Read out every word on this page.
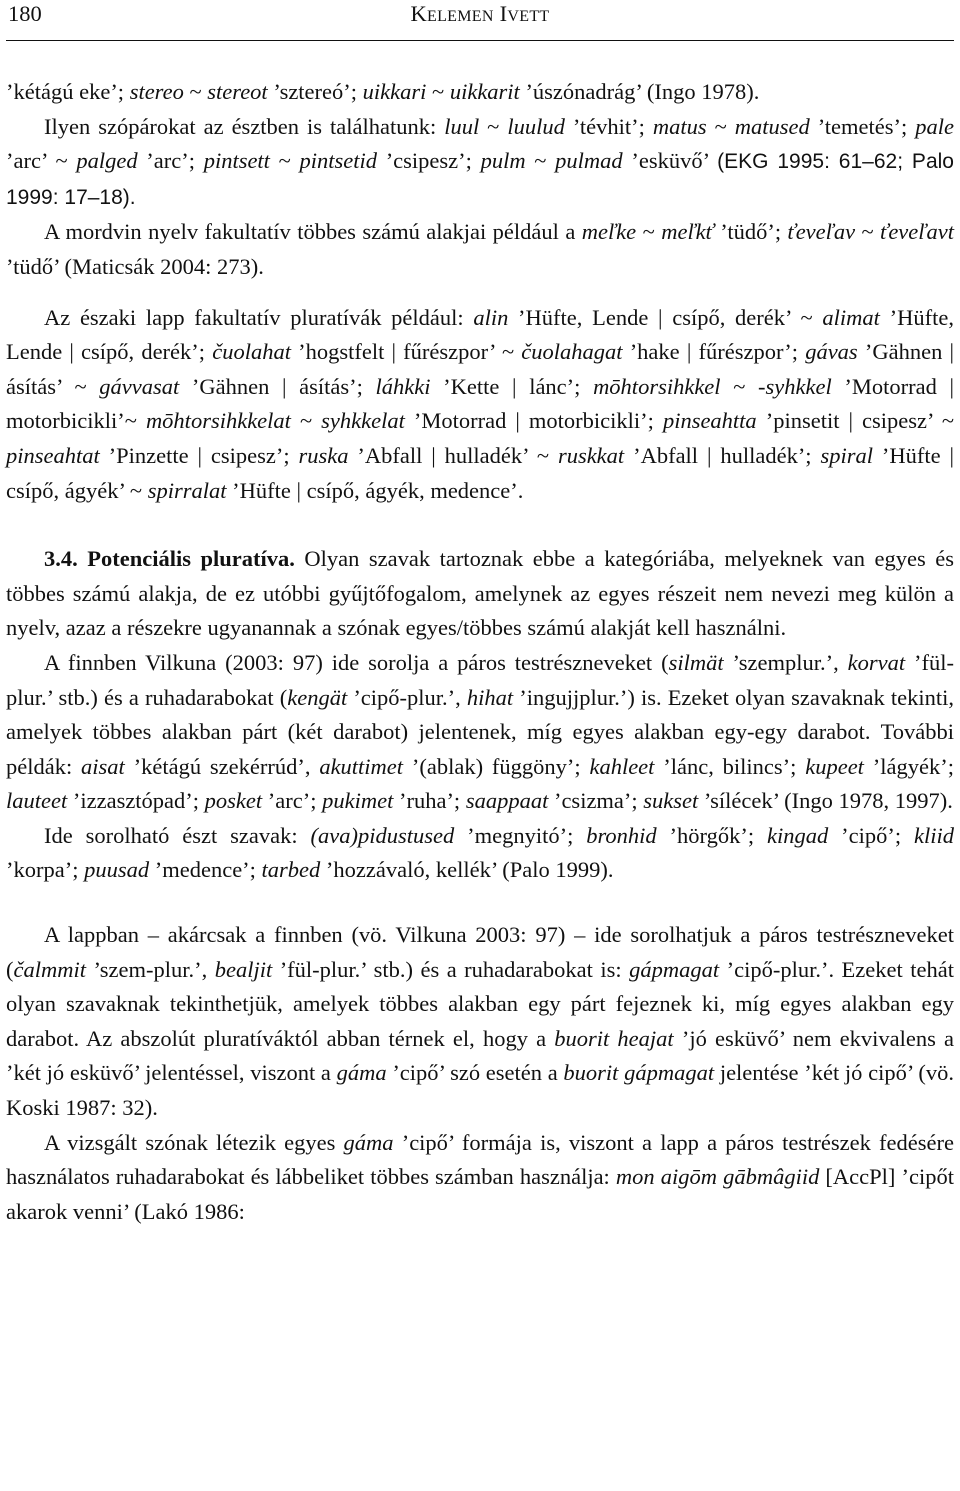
180	Kelemen Ivett

’kétágú eke’; stereo ~ stereot ’sztereó’; uikkari ~ uikkarit ’úszónadrág’ (Ingo 1978).

Ilyen szópárokat az észtben is találhatunk: luul ~ luulud ’tévhit’; matus ~ matused ’temetés’; pale ’arc’ ~ palged ’arc’; pintsett ~ pintsetid ’csipesz’; pulm ~ pulmad ’esküvő’ (EKG 1995: 61–62; Palo 1999: 17–18).

A mordvin nyelv fakultatív többes számú alakjai például a meľke ~ meľkť ’tüdő’; ťeveľav ~ ťeveľavt ’tüdő’ (Maticsák 2004: 273).

Az északi lapp fakultatív pluratívák például: alin ’Hüfte, Lende | csípő, derék’ ~ alimat ’Hüfte, Lende | csípő, derék’; čuolahat ’hogstfelt | fűrészpor’ ~ čuolahagat ’hake | fűrészpor’; gávas ’Gähnen | ásítás’ ~ gávvasat ’Gähnen | ásítás’; láhkki ’Kette | lánc’; mōhtorsihkkel ~ -syhkkel ’Motorrad | motorbicikli’~ mōhtorsihkkelat ~ syhkkelat ’Motorrad | motorbicikli’; pinseahtta ’pinsetit | csipesz’ ~ pinseahtat ’Pinzette | csipesz’; ruska ’Abfall | hulladék’ ~ ruskkat ’Abfall | hulladék’; spiral ’Hüfte | csípő, ágyék’ ~ spirralat ’Hüfte | csípő, ágyék, medence’.

3.4. Potenciális pluratíva. Olyan szavak tartoznak ebbe a kategóriába, melyeknek van egyes és többes számú alakja, de ez utóbbi gyűjtőfogalom, amelynek az egyes részeit nem nevezi meg külön a nyelv, azaz a részekre ugyanannak a szónak egyes/többes számú alakját kell használni.

A finnben Vilkuna (2003: 97) ide sorolja a páros testrészneveket (silmät ’szemplur.’, korvat ’fül-plur.’ stb.) és a ruhadarabokat (kengät ’cipő-plur.’, hihat ’ingujjplur.’) is. Ezeket olyan szavaknak tekinti, amelyek többes alakban párt (két darabot) jelentenek, míg egyes alakban egy-egy darabot. További példák: aisat ’kétágú szekérrúd’, akuttimet ’(ablak) függöny’; kahleet ’lánc, bilincs’; kupeet ’lágyék’; lauteet ’izzasztópad’; posket ’arc’; pukimet ’ruha’; saappaat ’csizma’; sukset ’sílécek’ (Ingo 1978, 1997).

Ide sorolható észt szavak: (ava)pidustused ’megnyitó’; bronhid ’hörgők’; kingad ’cipő’; kliid ’korpa’; puusad ’medence’; tarbed ’hozzávaló, kellék’ (Palo 1999).

A lappban – akárcsak a finnben (vö. Vilkuna 2003: 97) – ide sorolhatjuk a páros testrészneveket (čalmmit ’szem-plur.’, bealjit ’fül-plur.’ stb.) és a ruhadarabokat is: gápmagat ’cipő-plur.’. Ezeket tehát olyan szavaknak tekinthetjük, amelyek többes alakban egy párt fejeznek ki, míg egyes alakban egy darabot. Az abszolút pluratíváktól abban térnek el, hogy a buorit heajat ’jó esküvő’ nem ekvivalens a ’két jó esküvő’ jelentéssel, viszont a gáma ’cipő’ szó esetén a buorit gápmagat jelentése ’két jó cipő’ (vö. Koski 1987: 32).

A vizsgált szónak létezik egyes gáma ’cipő’ formája is, viszont a lapp a páros testrészek fedésére használatos ruhadarabokat és lábbeliket többes számban használja: mon aigōm gābmâgiid [AccPl] ’cipőt akarok venni’ (Lakó 1986:
